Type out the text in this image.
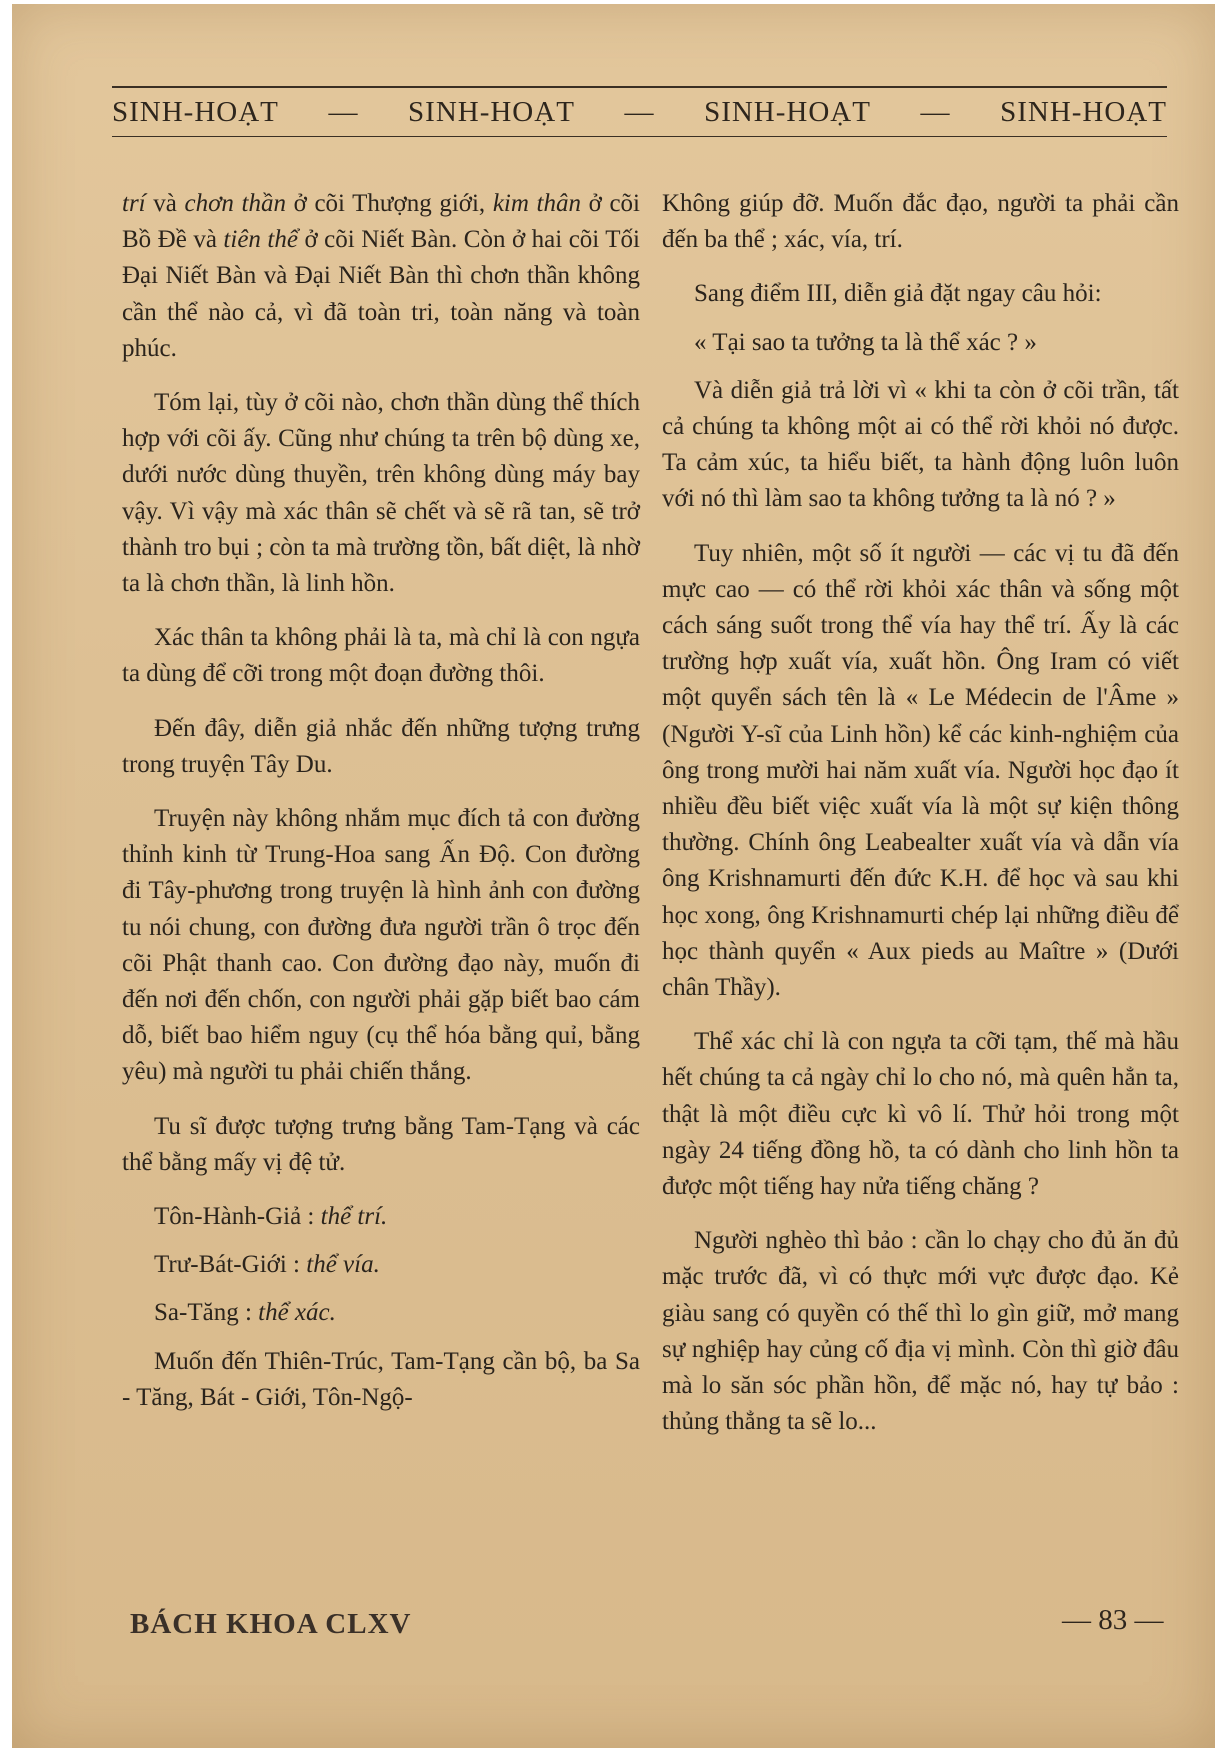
SINH-HOẠT — SINH-HOẠT — SINH-HOẠT — SINH-HOẠT

trí và chơn thần ở cõi Thượng giới, kim thân ở cõi Bồ Đề và tiên thể ở cõi Niết Bàn. Còn ở hai cõi Tối Đại Niết Bàn và Đại Niết Bàn thì chơn thần không cần thể nào cả, vì đã toàn tri, toàn năng và toàn phúc.

Tóm lại, tùy ở cõi nào, chơn thần dùng thể thích hợp với cõi ấy. Cũng như chúng ta trên bộ dùng xe, dưới nước dùng thuyền, trên không dùng máy bay vậy. Vì vậy mà xác thân sẽ chết và sẽ rã tan, sẽ trở thành tro bụi ; còn ta mà trường tồn, bất diệt, là nhờ ta là chơn thần, là linh hồn.

Xác thân ta không phải là ta, mà chỉ là con ngựa ta dùng để cỡi trong một đoạn đường thôi.

Đến đây, diễn giả nhắc đến những tượng trưng trong truyện Tây Du.

Truyện này không nhắm mục đích tả con đường thỉnh kinh từ Trung-Hoa sang Ấn Độ. Con đường đi Tây-phương trong truyện là hình ảnh con đường tu nói chung, con đường đưa người trần ô trọc đến cõi Phật thanh cao. Con đường đạo này, muốn đi đến nơi đến chốn, con người phải gặp biết bao cám dỗ, biết bao hiểm nguy (cụ thể hóa bằng quỉ, bằng yêu) mà người tu phải chiến thắng.

Tu sĩ được tượng trưng bằng Tam-Tạng và các thể bằng mấy vị đệ tử.

Tôn-Hành-Giả : thể trí.

Trư-Bát-Giới : thể vía.

Sa-Tăng : thể xác.

Muốn đến Thiên-Trúc, Tam-Tạng cần bộ, ba Sa - Tăng, Bát - Giới, Tôn-Ngộ-

Không giúp đỡ. Muốn đắc đạo, người ta phải cần đến ba thể ; xác, vía, trí.

Sang điểm III, diễn giả đặt ngay câu hỏi:

« Tại sao ta tưởng ta là thể xác ? »

Và diễn giả trả lời vì « khi ta còn ở cõi trần, tất cả chúng ta không một ai có thể rời khỏi nó được. Ta cảm xúc, ta hiểu biết, ta hành động luôn luôn với nó thì làm sao ta không tưởng ta là nó ? »

Tuy nhiên, một số ít người — các vị tu đã đến mực cao — có thể rời khỏi xác thân và sống một cách sáng suốt trong thể vía hay thể trí. Ấy là các trường hợp xuất vía, xuất hồn. Ông Iram có viết một quyển sách tên là « Le Médecin de l'Âme » (Người Y-sĩ của Linh hồn) kể các kinh-nghiệm của ông trong mười hai năm xuất vía. Người học đạo ít nhiều đều biết việc xuất vía là một sự kiện thông thường. Chính ông Leabealter xuất vía và dẫn vía ông Krishnamurti đến đức K.H. để học và sau khi học xong, ông Krishnamurti chép lại những điều để học thành quyển « Aux pieds au Maître » (Dưới chân Thầy).

Thể xác chỉ là con ngựa ta cỡi tạm, thế mà hầu hết chúng ta cả ngày chỉ lo cho nó, mà quên hẳn ta, thật là một điều cực kì vô lí. Thử hỏi trong một ngày 24 tiếng đồng hồ, ta có dành cho linh hồn ta được một tiếng hay nửa tiếng chăng ?

Người nghèo thì bảo : cần lo chạy cho đủ ăn đủ mặc trước đã, vì có thực mới vực được đạo. Kẻ giàu sang có quyền có thế thì lo gìn giữ, mở mang sự nghiệp hay củng cố địa vị mình. Còn thì giờ đâu mà lo săn sóc phần hồn, để mặc nó, hay tự bảo : thủng thẳng ta sẽ lo...

BÁCH KHOA CLXV	— 83 —
